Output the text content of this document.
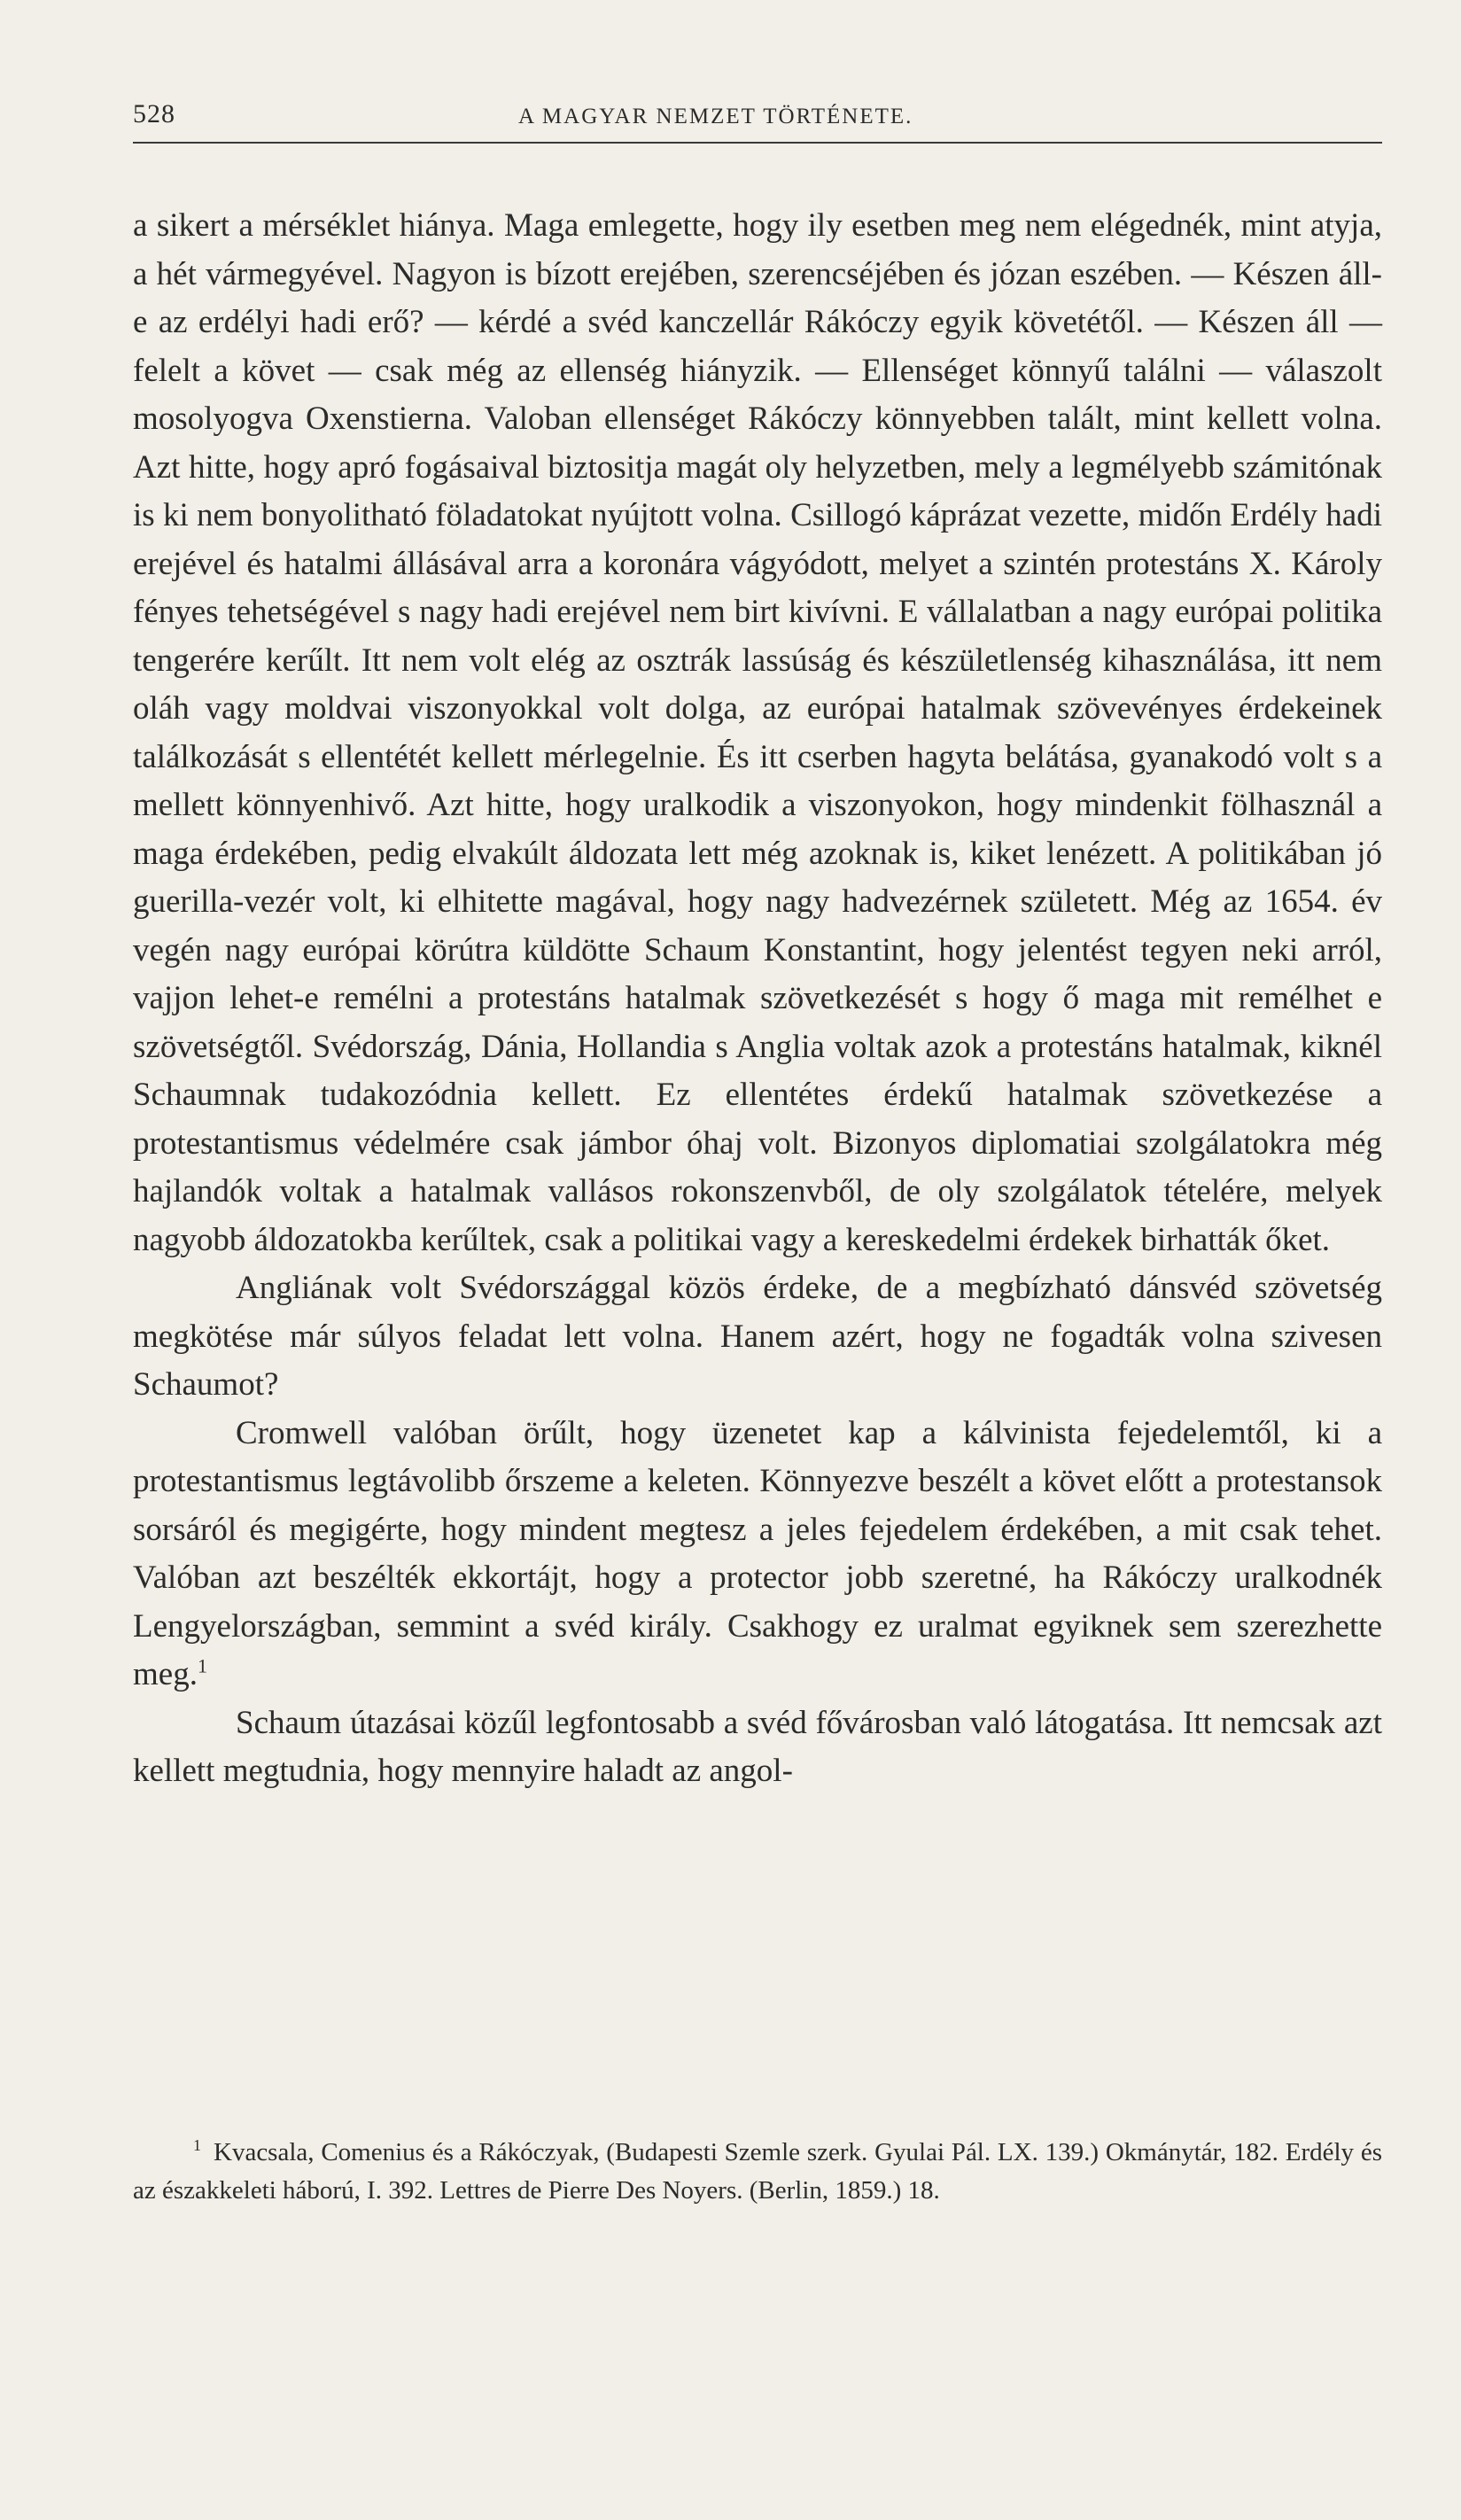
528	A MAGYAR NEMZET TÖRTÉNETE.

a sikert a mérséklet hiánya. Maga emlegette, hogy ily esetben meg nem elégednék, mint atyja, a hét vármegyével. Nagyon is bízott erejében, szerencséjében és józan eszében. — Készen áll-e az erdélyi hadi erő? — kérdé a svéd kanczellár Rákóczy egyik követétől. — Készen áll — felelt a követ — csak még az ellenség hiányzik. — Ellenséget könnyű találni — válaszolt mosolyogva Oxenstierna. Valoban ellenséget Rákóczy könnyebben talált, mint kellett volna. Azt hitte, hogy apró fogásaival biztositja magát oly helyzetben, mely a legmélyebb számitónak is ki nem bonyolitható föladatokat nyújtott volna. Csillogó káprázat vezette, midőn Erdély hadi erejével és hatalmi állásával arra a koronára vágyódott, melyet a szintén protestáns X. Károly fényes tehetségével s nagy hadi erejével nem birt kivívni. E vállalatban a nagy európai politika tengerére kerűlt. Itt nem volt elég az osztrák lassúság és készületlenség kihasználása, itt nem oláh vagy moldvai viszonyokkal volt dolga, az európai hatalmak szövevényes érdekeinek találkozását s ellentétét kellett mérlegelnie. És itt cserben hagyta belátása, gyanakodó volt s a mellett könnyenhivő. Azt hitte, hogy uralkodik a viszonyokon, hogy mindenkit fölhasznál a maga érdekében, pedig elvakúlt áldozata lett még azoknak is, kiket lenézett. A politikában jó guerilla-vezér volt, ki elhitette magával, hogy nagy hadvezérnek született. Még az 1654. év vegén nagy európai körútra küldötte Schaum Konstantint, hogy jelentést tegyen neki arról, vajjon lehet-e remélni a protestáns hatalmak szövetkezését s hogy ő maga mit remélhet e szövetségtől. Svédország, Dánia, Hollandia s Anglia voltak azok a protestáns hatalmak, kiknél Schaumnak tudakozódnia kellett. Ez ellentétes érdekű hatalmak szövetkezése a protestantismus védelmére csak jámbor óhaj volt. Bizonyos diplomatiai szolgálatokra még hajlandók voltak a hatalmak vallásos rokonszenvből, de oly szolgálatok tételére, melyek nagyobb áldozatokba kerűltek, csak a politikai vagy a kereskedelmi érdekek birhatták őket.

Angliának volt Svédországgal közös érdeke, de a megbízható dánsvéd szövetség megkötése már súlyos feladat lett volna. Hanem azért, hogy ne fogadták volna szivesen Schaumot?

Cromwell valóban örűlt, hogy üzenetet kap a kálvinista fejedelemtől, ki a protestantismus legtávolibb őrszeme a keleten. Könnyezve beszélt a követ előtt a protestansok sorsáról és megigérte, hogy mindent megtesz a jeles fejedelem érdekében, a mit csak tehet. Valóban azt beszélték ekkortájt, hogy a protector jobb szeretné, ha Rákóczy uralkodnék Lengyelországban, semmint a svéd király. Csakhogy ez uralmat egyiknek sem szerezhette meg.$^1$

Schaum útazásai közűl legfontosabb a svéd fővárosban való látogatása. Itt nemcsak azt kellett megtudnia, hogy mennyire haladt az angol-

$^1$ Kvacsala, Comenius és a Rákóczyak, (Budapesti Szemle szerk. Gyulai Pál. LX. 139.) Okmánytár, 182. Erdély és az északkeleti háború, I. 392. Lettres de Pierre Des Noyers. (Berlin, 1859.) 18.
